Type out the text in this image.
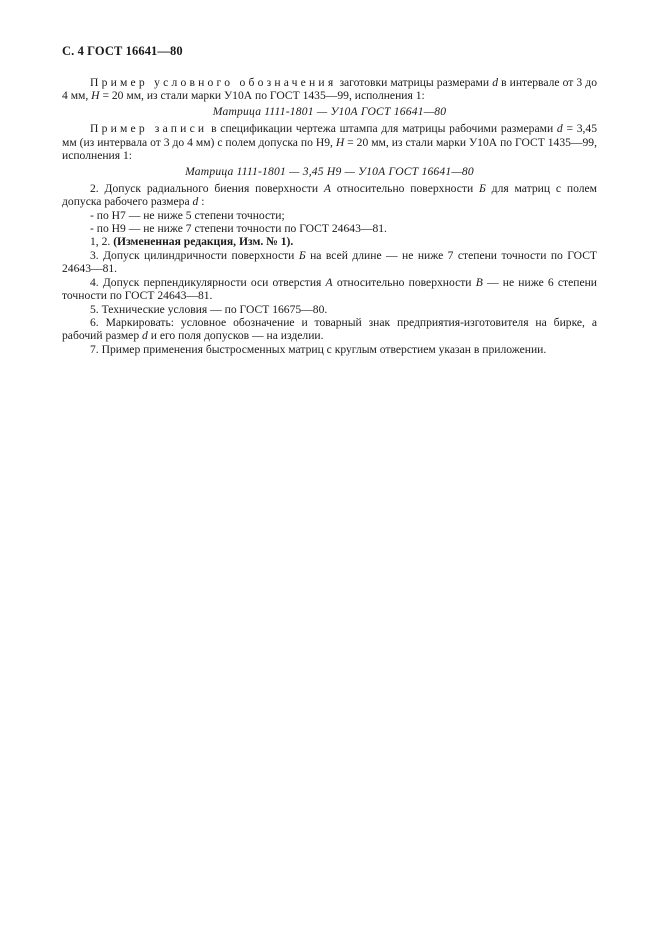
С. 4 ГОСТ 16641—80

Пример условного обозначения заготовки матрицы размерами d в интервале от 3 до 4 мм, H = 20 мм, из стали марки У10А по ГОСТ 1435—99, исполнения 1:

Матрица 1111-1801 — У10А ГОСТ 16641—80

Пример записи в спецификации чертежа штампа для матрицы рабочими размерами d = 3,45 мм (из интервала от 3 до 4 мм) с полем допуска по Н9, H = 20 мм, из стали марки У10А по ГОСТ 1435—99, исполнения 1:

Матрица 1111-1801 — 3,45 Н9 — У10А ГОСТ 16641—80

2. Допуск радиального биения поверхности А относительно поверхности Б для матриц с полем допуска рабочего размера d :

- по Н7 — не ниже 5 степени точности;

- по Н9 — не ниже 7 степени точности по ГОСТ 24643—81.

1, 2. (Измененная редакция, Изм. № 1).

3. Допуск цилиндричности поверхности Б на всей длине — не ниже 7 степени точности по ГОСТ 24643—81.

4. Допуск перпендикулярности оси отверстия А относительно поверхности В — не ниже 6 степени точности по ГОСТ 24643—81.

5. Технические условия — по ГОСТ 16675—80.

6. Маркировать: условное обозначение и товарный знак предприятия-изготовителя на бирке, а рабочий размер d и его поля допусков — на изделии.

7. Пример применения быстросменных матриц с круглым отверстием указан в приложении.
